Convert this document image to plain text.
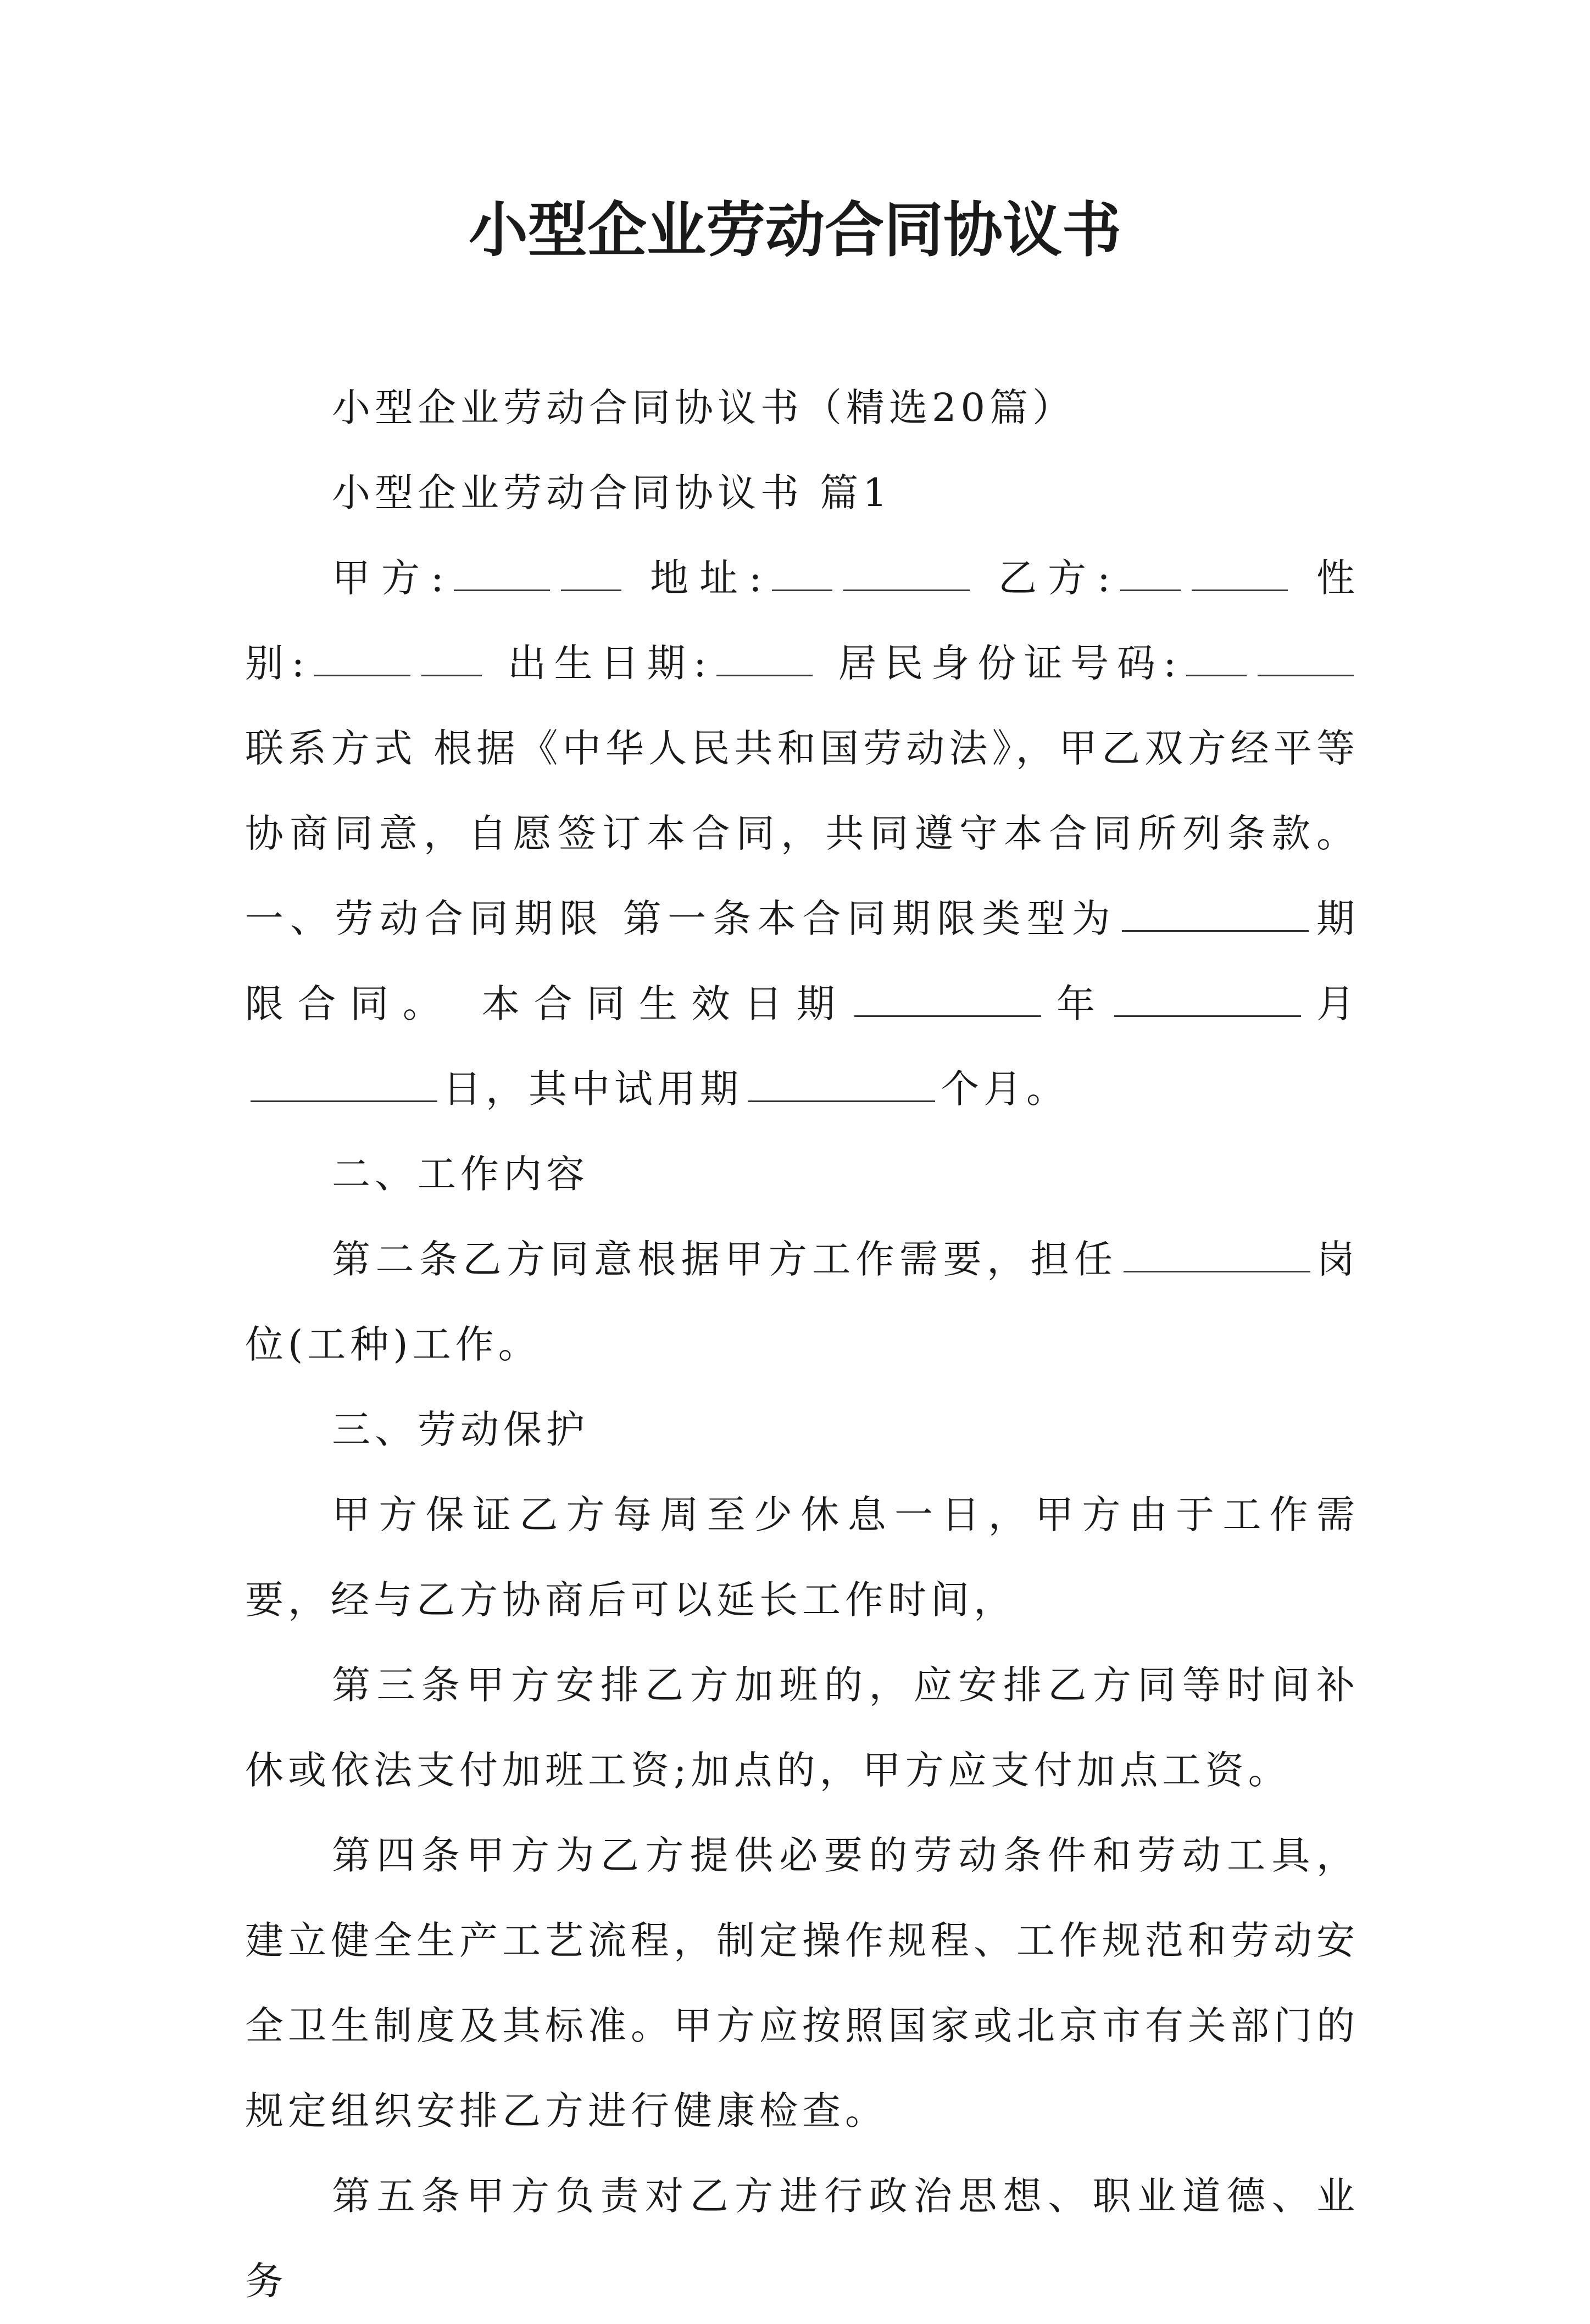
小型企业劳动合同协议书

小型企业劳动合同协议书（精选20篇）

小型企业劳动合同协议书 篇1

甲方:	地址:	乙方:	性别:	出生日期:	居民身份证号码: 联系方式 根据《中华人民共和国劳动法》，甲乙双方经平等协商同意，自愿签订本合同，共同遵守本合同所列条款。一、劳动合同期限 第一条本合同期限类型为	期限合同。 本合同生效日期	年	月日，其中试用期	个月。

二、工作内容

第二条乙方同意根据甲方工作需要，担任	岗位(工种)工作。

三、劳动保护

甲方保证乙方每周至少休息一日，甲方由于工作需要，经与乙方协商后可以延长工作时间，

第三条甲方安排乙方加班的，应安排乙方同等时间补休或依法支付加班工资;加点的，甲方应支付加点工资。

第四条甲方为乙方提供必要的劳动条件和劳动工具，建立健全生产工艺流程，制定操作规程、工作规范和劳动安全卫生制度及其标准。甲方应按照国家或北京市有关部门的规定组织安排乙方进行健康检查。

第五条甲方负责对乙方进行政治思想、职业道德、业务
